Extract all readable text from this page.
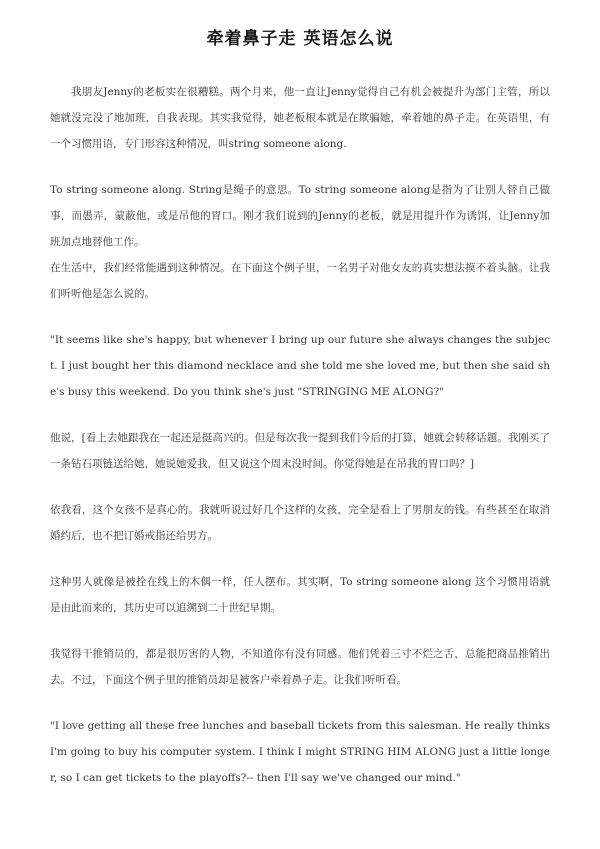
牵着鼻子走 英语怎么说

我朋友Jenny的老板实在很糟糕。两个月来，他一直让Jenny觉得自己有机会被提升为部门主管，所以她就没完没了地加班，自我表现。其实我觉得，她老板根本就是在欺骗她，牵着她的鼻子走。在英语里，有一个习惯用语，专门形容这种情况，叫string someone along.

To string someone along. String是绳子的意思。To string someone along是指为了让别人替自己做事，而愚弄，蒙蔽他，或是吊他的胃口。刚才我们说到的Jenny的老板，就是用提升作为诱饵，让Jenny加班加点地替他工作。

在生活中，我们经常能遇到这种情况。在下面这个例子里，一名男子对他女友的真实想法摸不着头脑。让我们听听他是怎么说的。

"It seems like she's happy, but whenever I bring up our future she always changes the subject. I just bought her this diamond necklace and she told me she loved me, but then she said she's busy this weekend. Do you think she's just "STRINGING ME ALONG?"

他说，[看上去她跟我在一起还是挺高兴的。但是每次我一提到我们今后的打算，她就会转移话题。我刚买了一条钻石项链送给她，她说她爱我，但又说这个周末没时间。你觉得她是在吊我的胃口吗？]

依我看，这个女孩不是真心的。我就听说过好几个这样的女孩，完全是看上了男朋友的钱。有些甚至在取消婚约后，也不把订婚戒指还给男方。

这种男人就像是被拴在线上的木偶一样，任人摆布。其实啊，To string someone along 这个习惯用语就是由此而来的，其历史可以追溯到二十世纪早期。

我觉得干推销员的，都是很厉害的人物，不知道你有没有同感。他们凭着三寸不烂之舌，总能把商品推销出去。不过，下面这个例子里的推销员却是被客户牵着鼻子走。让我们听听看。

"I love getting all these free lunches and baseball tickets from this salesman. He really thinks I'm going to buy his computer system. I think I might STRING HIM ALONG just a little longer, so I can get tickets to the playoffs?-- then I'll say we've changed our mind."
